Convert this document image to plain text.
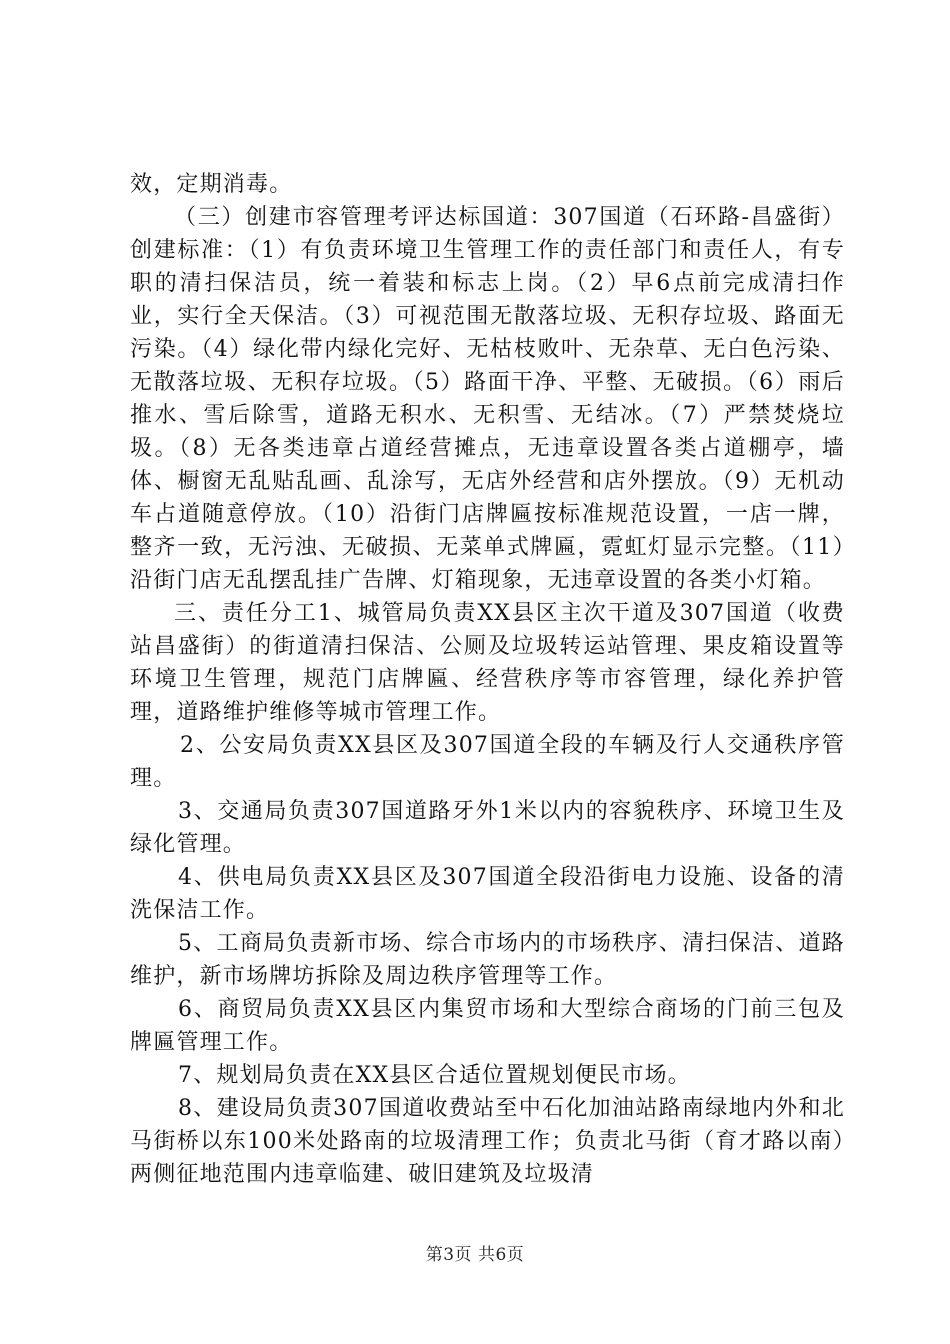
效，定期消毒。

（三）创建市容管理考评达标国道：307国道（石环路-昌盛街）创建标准：（1）有负责环境卫生管理工作的责任部门和责任人，有专职的清扫保洁员，统一着装和标志上岗。（2）早6点前完成清扫作业，实行全天保洁。（3）可视范围无散落垃圾、无积存垃圾、路面无污染。（4）绿化带内绿化完好、无枯枝败叶、无杂草、无白色污染、无散落垃圾、无积存垃圾。（5）路面干净、平整、无破损。（6）雨后推水、雪后除雪，道路无积水、无积雪、无结冰。（7）严禁焚烧垃圾。（8）无各类违章占道经营摊点，无违章设置各类占道棚亭，墙体、橱窗无乱贴乱画、乱涂写，无店外经营和店外摆放。（9）无机动车占道随意停放。（10）沿街门店牌匾按标准规范设置，一店一牌，整齐一致，无污浊、无破损、无菜单式牌匾，霓虹灯显示完整。（11）沿街门店无乱摆乱挂广告牌、灯箱现象，无违章设置的各类小灯箱。

三、责任分工1、城管局负责XX县区主次干道及307国道（收费站昌盛街）的街道清扫保洁、公厕及垃圾转运站管理、果皮箱设置等环境卫生管理，规范门店牌匾、经营秩序等市容管理，绿化养护管理，道路维护维修等城市管理工作。

2、公安局负责XX县区及307国道全段的车辆及行人交通秩序管理。

3、交通局负责307国道路牙外1米以内的容貌秩序、环境卫生及绿化管理。

4、供电局负责XX县区及307国道全段沿街电力设施、设备的清洗保洁工作。

5、工商局负责新市场、综合市场内的市场秩序、清扫保洁、道路维护，新市场牌坊拆除及周边秩序管理等工作。

6、商贸局负责XX县区内集贸市场和大型综合商场的门前三包及牌匾管理工作。

7、规划局负责在XX县区合适位置规划便民市场。

8、建设局负责307国道收费站至中石化加油站路南绿地内外和北马街桥以东100米处路南的垃圾清理工作；负责北马街（育才路以南）两侧征地范围内违章临建、破旧建筑及垃圾清

第3页 共6页
